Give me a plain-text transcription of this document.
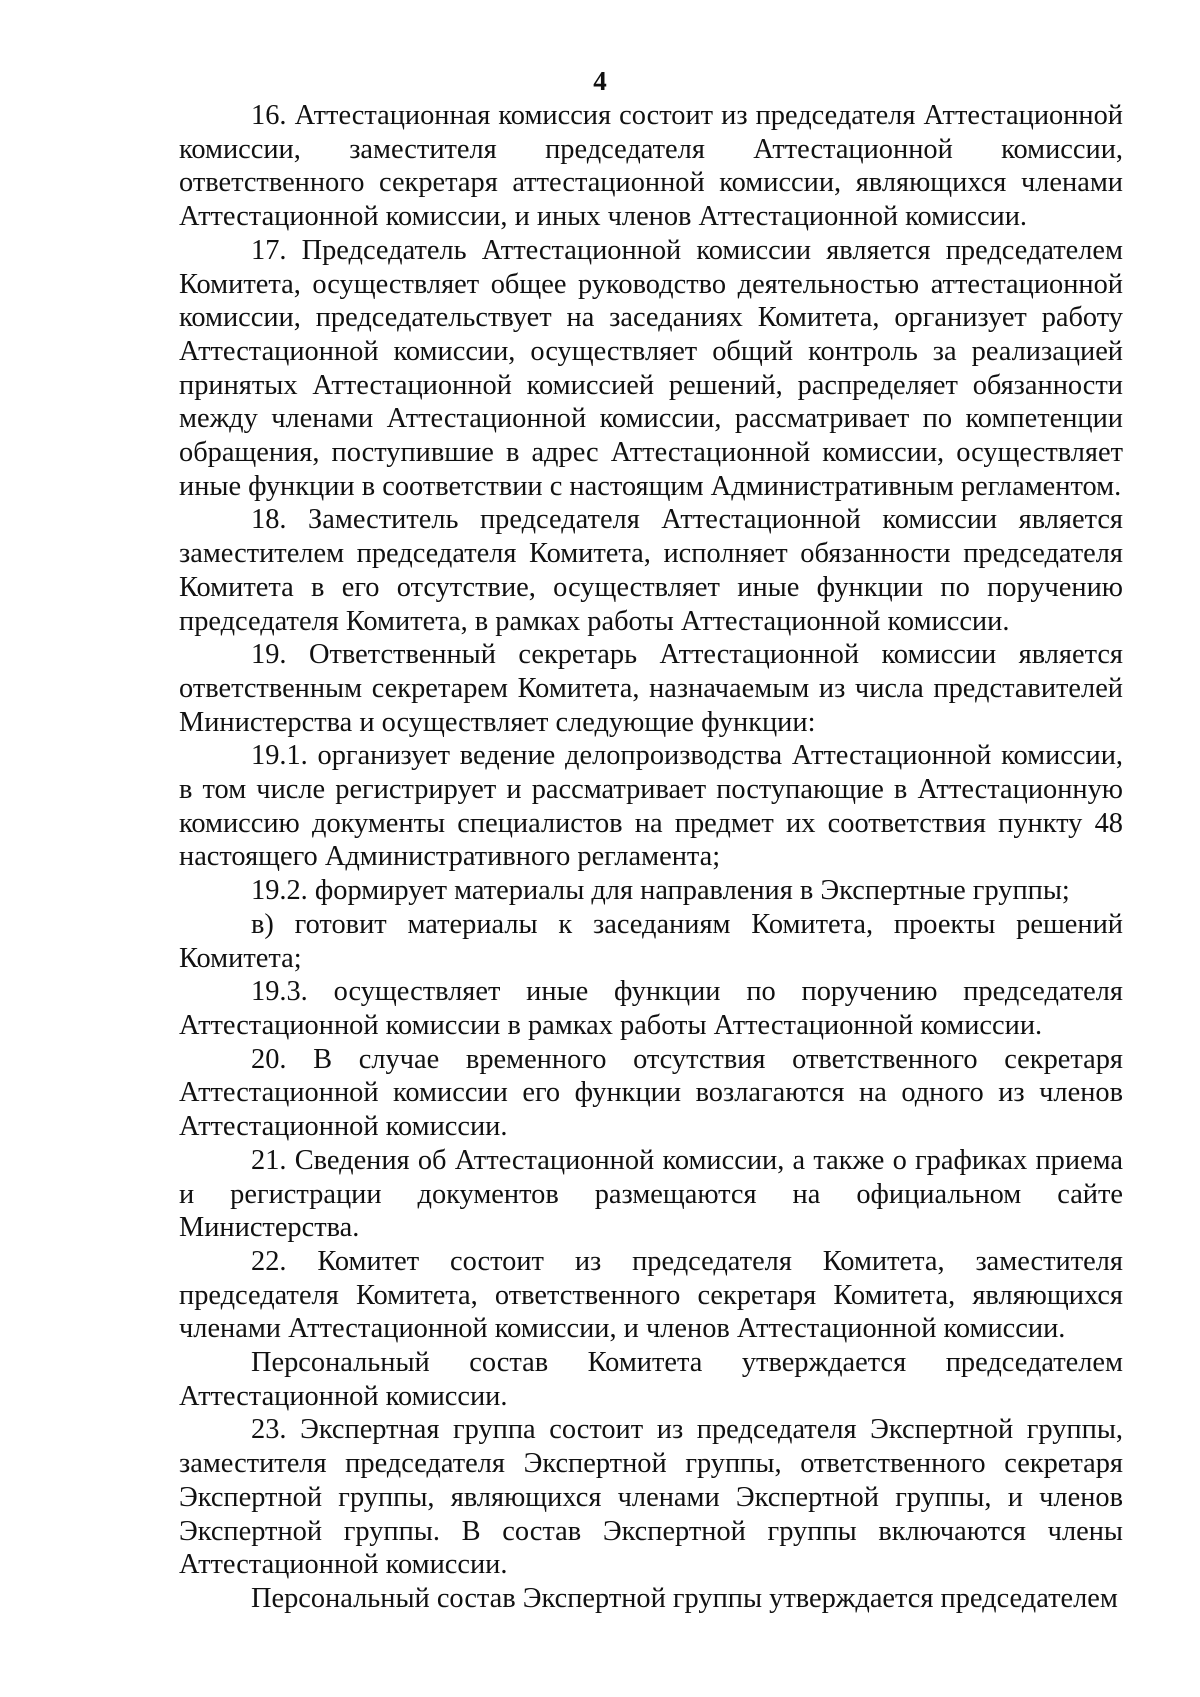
4

16. Аттестационная комиссия состоит из председателя Аттестационной комиссии, заместителя председателя Аттестационной комиссии, ответственного секретаря аттестационной комиссии, являющихся членами Аттестационной комиссии, и иных членов Аттестационной комиссии.

17. Председатель Аттестационной комиссии является председателем Комитета, осуществляет общее руководство деятельностью аттестационной комиссии, председательствует на заседаниях Комитета, организует работу Аттестационной комиссии, осуществляет общий контроль за реализацией принятых Аттестационной комиссией решений, распределяет обязанности между членами Аттестационной комиссии, рассматривает по компетенции обращения, поступившие в адрес Аттестационной комиссии, осуществляет иные функции в соответствии с настоящим Административным регламентом.

18. Заместитель председателя Аттестационной комиссии является заместителем председателя Комитета, исполняет обязанности председателя Комитета в его отсутствие, осуществляет иные функции по поручению председателя Комитета, в рамках работы Аттестационной комиссии.

19. Ответственный секретарь Аттестационной комиссии является ответственным секретарем Комитета, назначаемым из числа представителей Министерства и осуществляет следующие функции:

19.1. организует ведение делопроизводства Аттестационной комиссии, в том числе регистрирует и рассматривает поступающие в Аттестационную комиссию документы специалистов на предмет их соответствия пункту 48 настоящего Административного регламента;

19.2. формирует материалы для направления в Экспертные группы;

в) готовит материалы к заседаниям Комитета, проекты решений Комитета;

19.3. осуществляет иные функции по поручению председателя Аттестационной комиссии в рамках работы Аттестационной комиссии.

20. В случае временного отсутствия ответственного секретаря Аттестационной комиссии его функции возлагаются на одного из членов Аттестационной комиссии.

21. Сведения об Аттестационной комиссии, а также о графиках приема и регистрации документов размещаются на официальном сайте Министерства.

22. Комитет состоит из председателя Комитета, заместителя председателя Комитета, ответственного секретаря Комитета, являющихся членами Аттестационной комиссии, и членов Аттестационной комиссии.

Персональный состав Комитета утверждается председателем Аттестационной комиссии.

23. Экспертная группа состоит из председателя Экспертной группы, заместителя председателя Экспертной группы, ответственного секретаря Экспертной группы, являющихся членами Экспертной группы, и членов Экспертной группы. В состав Экспертной группы включаются члены Аттестационной комиссии.

Персональный состав Экспертной группы утверждается председателем
